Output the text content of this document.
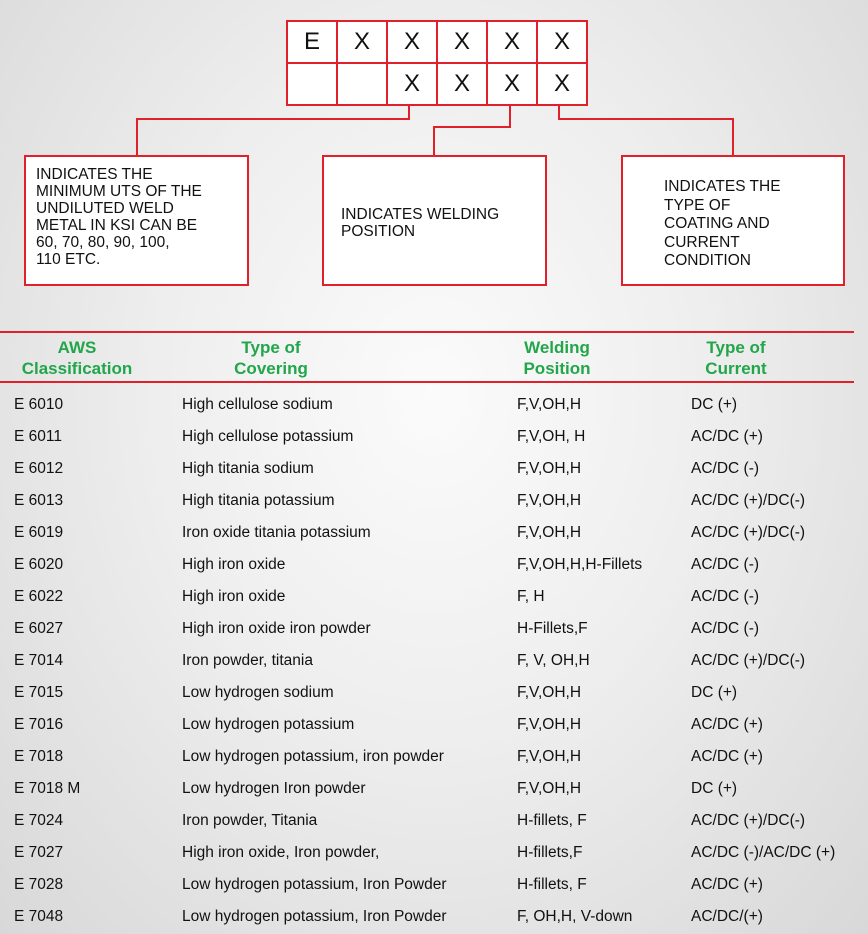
E	X	X	X	X	X
		X	X	X	X
INDICATES THE
MINIMUM UTS OF THE
UNDILUTED WELD
METAL IN KSI CAN BE
60, 70, 80, 90, 100,
110 ETC.
INDICATES WELDING
POSITION
INDICATES THE
TYPE OF
COATING AND
CURRENT
CONDITION
AWS
Classification
Type of
Covering
Welding
Position
Type of
Current
E 6010	High cellulose sodium	F,V,OH,H	DC (+)
E 6011	High cellulose potassium	F,V,OH, H	AC/DC (+)
E 6012	High titania sodium	F,V,OH,H	AC/DC (-)
E 6013	High titania potassium	F,V,OH,H	AC/DC (+)/DC(-)
E 6019	Iron oxide titania potassium	F,V,OH,H	AC/DC (+)/DC(-)
E 6020	High iron oxide	F,V,OH,H,H-Fillets	AC/DC (-)
E 6022	High iron oxide	F, H	AC/DC (-)
E 6027	High iron oxide iron powder	H-Fillets,F	AC/DC (-)
E 7014	Iron powder, titania	F, V, OH,H	AC/DC (+)/DC(-)
E 7015	Low hydrogen sodium	F,V,OH,H	DC (+)
E 7016	Low hydrogen potassium	F,V,OH,H	AC/DC (+)
E 7018	Low hydrogen potassium, iron powder	F,V,OH,H	AC/DC (+)
E 7018 M	Low hydrogen Iron powder	F,V,OH,H	DC (+)
E 7024	Iron powder, Titania	H-fillets, F	AC/DC (+)/DC(-)
E 7027	High iron oxide, Iron powder,	H-fillets,F	AC/DC (-)/AC/DC (+)
E 7028	Low hydrogen potassium, Iron Powder	H-fillets, F	AC/DC (+)
E 7048	Low hydrogen potassium, Iron Powder	F, OH,H, V-down	AC/DC/(+)
